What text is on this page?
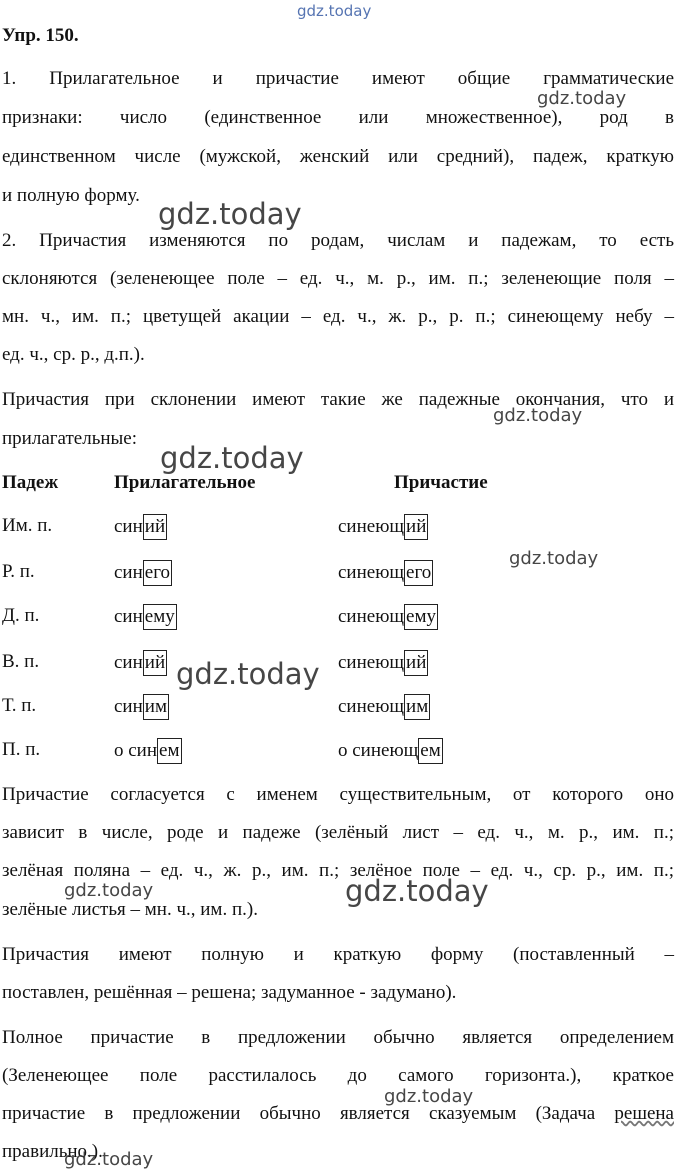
Упр. 150.
1. Прилагательное и причастие имеют общие грамматические
признаки: число (единственное или множественное), род в
единственном числе (мужской, женский или средний), падеж, краткую
и полную форму.
2. Причастия изменяются по родам, числам и падежам, то есть
склоняются (зеленеющее поле – ед. ч., м. р., им. п.; зеленеющие поля –
мн. ч., им. п.; цветущей акации – ед. ч., ж. р., р. п.; синеющему небу –
ед. ч., ср. р., д.п.).
Причастия при склонении имеют такие же падежные окончания, что и
прилагательные:
Падеж	Прилагательное	Причастие
Им. п.	син ий	синеющ ий
Р. п.	син его	синеющ его
Д. п.	син ему	синеющ ему
В. п.	син ий	синеющ ий
Т. п.	син им	синеющ им
П. п.	о син ем	о синеющ ем
Причастие согласуется с именем существительным, от которого оно
зависит в числе, роде и падеже (зелёный лист – ед. ч., м. р., им. п.;
зелёная поляна – ед. ч., ж. р., им. п.; зелёное поле – ед. ч., ср. р., им. п.;
зелёные листья – мн. ч., им. п.).
Причастия имеют полную и краткую форму (поставленный –
поставлен, решённая – решена; задуманное - задумано).
Полное причастие в предложении обычно является определением
(Зеленеющее поле расстилалось до самого горизонта.), краткое
причастие в предложении обычно является сказуемым (Задача решена
правильно.).
gdz.today
gdz.today
gdz.today
gdz.today
gdz.today
gdz.today
gdz.today
gdz.today	gdz.today
gdz.today
gdz.today
